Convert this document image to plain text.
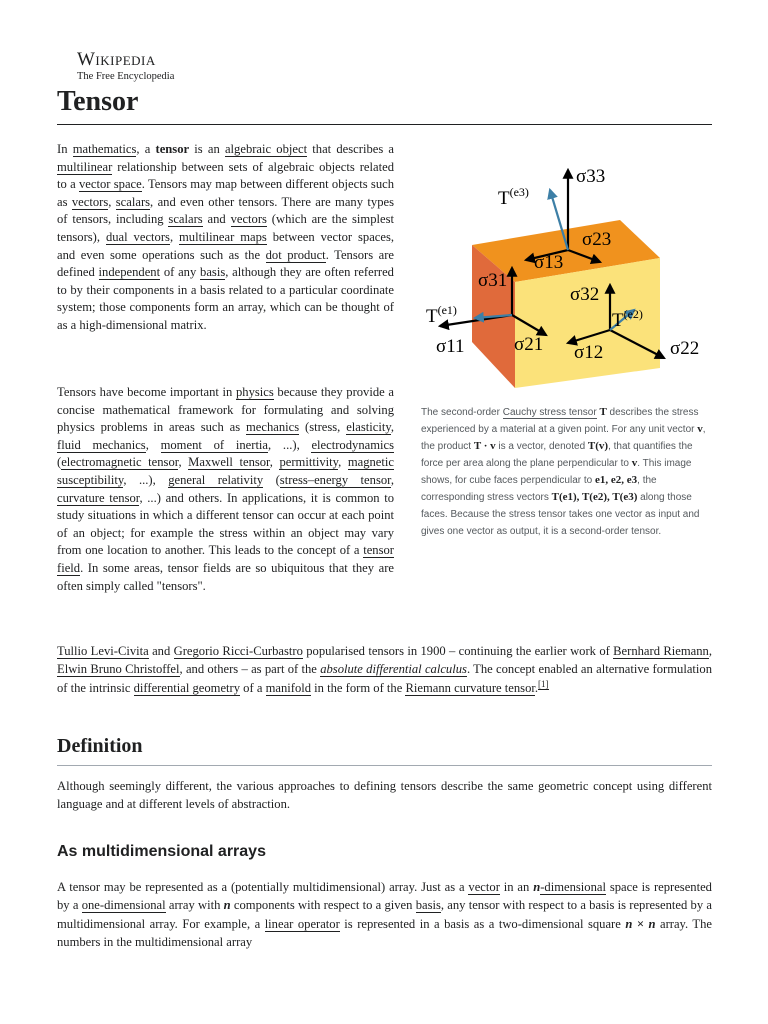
Wikipedia
The Free Encyclopedia
Tensor

In mathematics, a tensor is an algebraic object that describes a multilinear relationship between sets of algebraic objects related to a vector space. Tensors may map between different objects such as vectors, scalars, and even other tensors. There are many types of tensors, including scalars and vectors (which are the simplest tensors), dual vectors, multilinear maps between vector spaces, and even some operations such as the dot product. Tensors are defined independent of any basis, although they are often referred to by their components in a basis related to a particular coordinate system; those components form an array, which can be thought of as a high-dimensional matrix.

Tensors have become important in physics because they provide a concise mathematical framework for formulating and solving physics problems in areas such as mechanics (stress, elasticity, fluid mechanics, moment of inertia, ...), electrodynamics (electromagnetic tensor, Maxwell tensor, permittivity, magnetic susceptibility, ...), general relativity (stress–energy tensor, curvature tensor, ...) and others. In applications, it is common to study situations in which a different tensor can occur at each point of an object; for example the stress within an object may vary from one location to another. This leads to the concept of a tensor field. In some areas, tensor fields are so ubiquitous that they are often simply called "tensors".

$T^{(e3)}$
σ33
σ23
σ13
σ31
σ32
$T^{(e1)}$	$T^{(e2)}$
σ11	σ21 σ12	σ22
The second-order Cauchy stress tensor T describes the stress experienced by a material at a given point. For any unit vector v, the product T · v is a vector, denoted T(v), that quantifies the force per area along the plane perpendicular to v. This image shows, for cube faces perpendicular to e1, e2, e3, the corresponding stress vectors T(e1), T(e2), T(e3) along those faces. Because the stress tensor takes one vector as input and gives one vector as output, it is a second-order tensor.

Tullio Levi-Civita and Gregorio Ricci-Curbastro popularised tensors in 1900 – continuing the earlier work of Bernhard Riemann, Elwin Bruno Christoffel, and others – as part of the absolute differential calculus. The concept enabled an alternative formulation of the intrinsic differential geometry of a manifold in the form of the Riemann curvature tensor.[1]

Definition

Although seemingly different, the various approaches to defining tensors describe the same geometric concept using different language and at different levels of abstraction.

As multidimensional arrays

A tensor may be represented as a (potentially multidimensional) array. Just as a vector in an n-dimensional space is represented by a one-dimensional array with n components with respect to a given basis, any tensor with respect to a basis is represented by a multidimensional array. For example, a linear operator is represented in a basis as a two-dimensional square n × n array. The numbers in the multidimensional array
